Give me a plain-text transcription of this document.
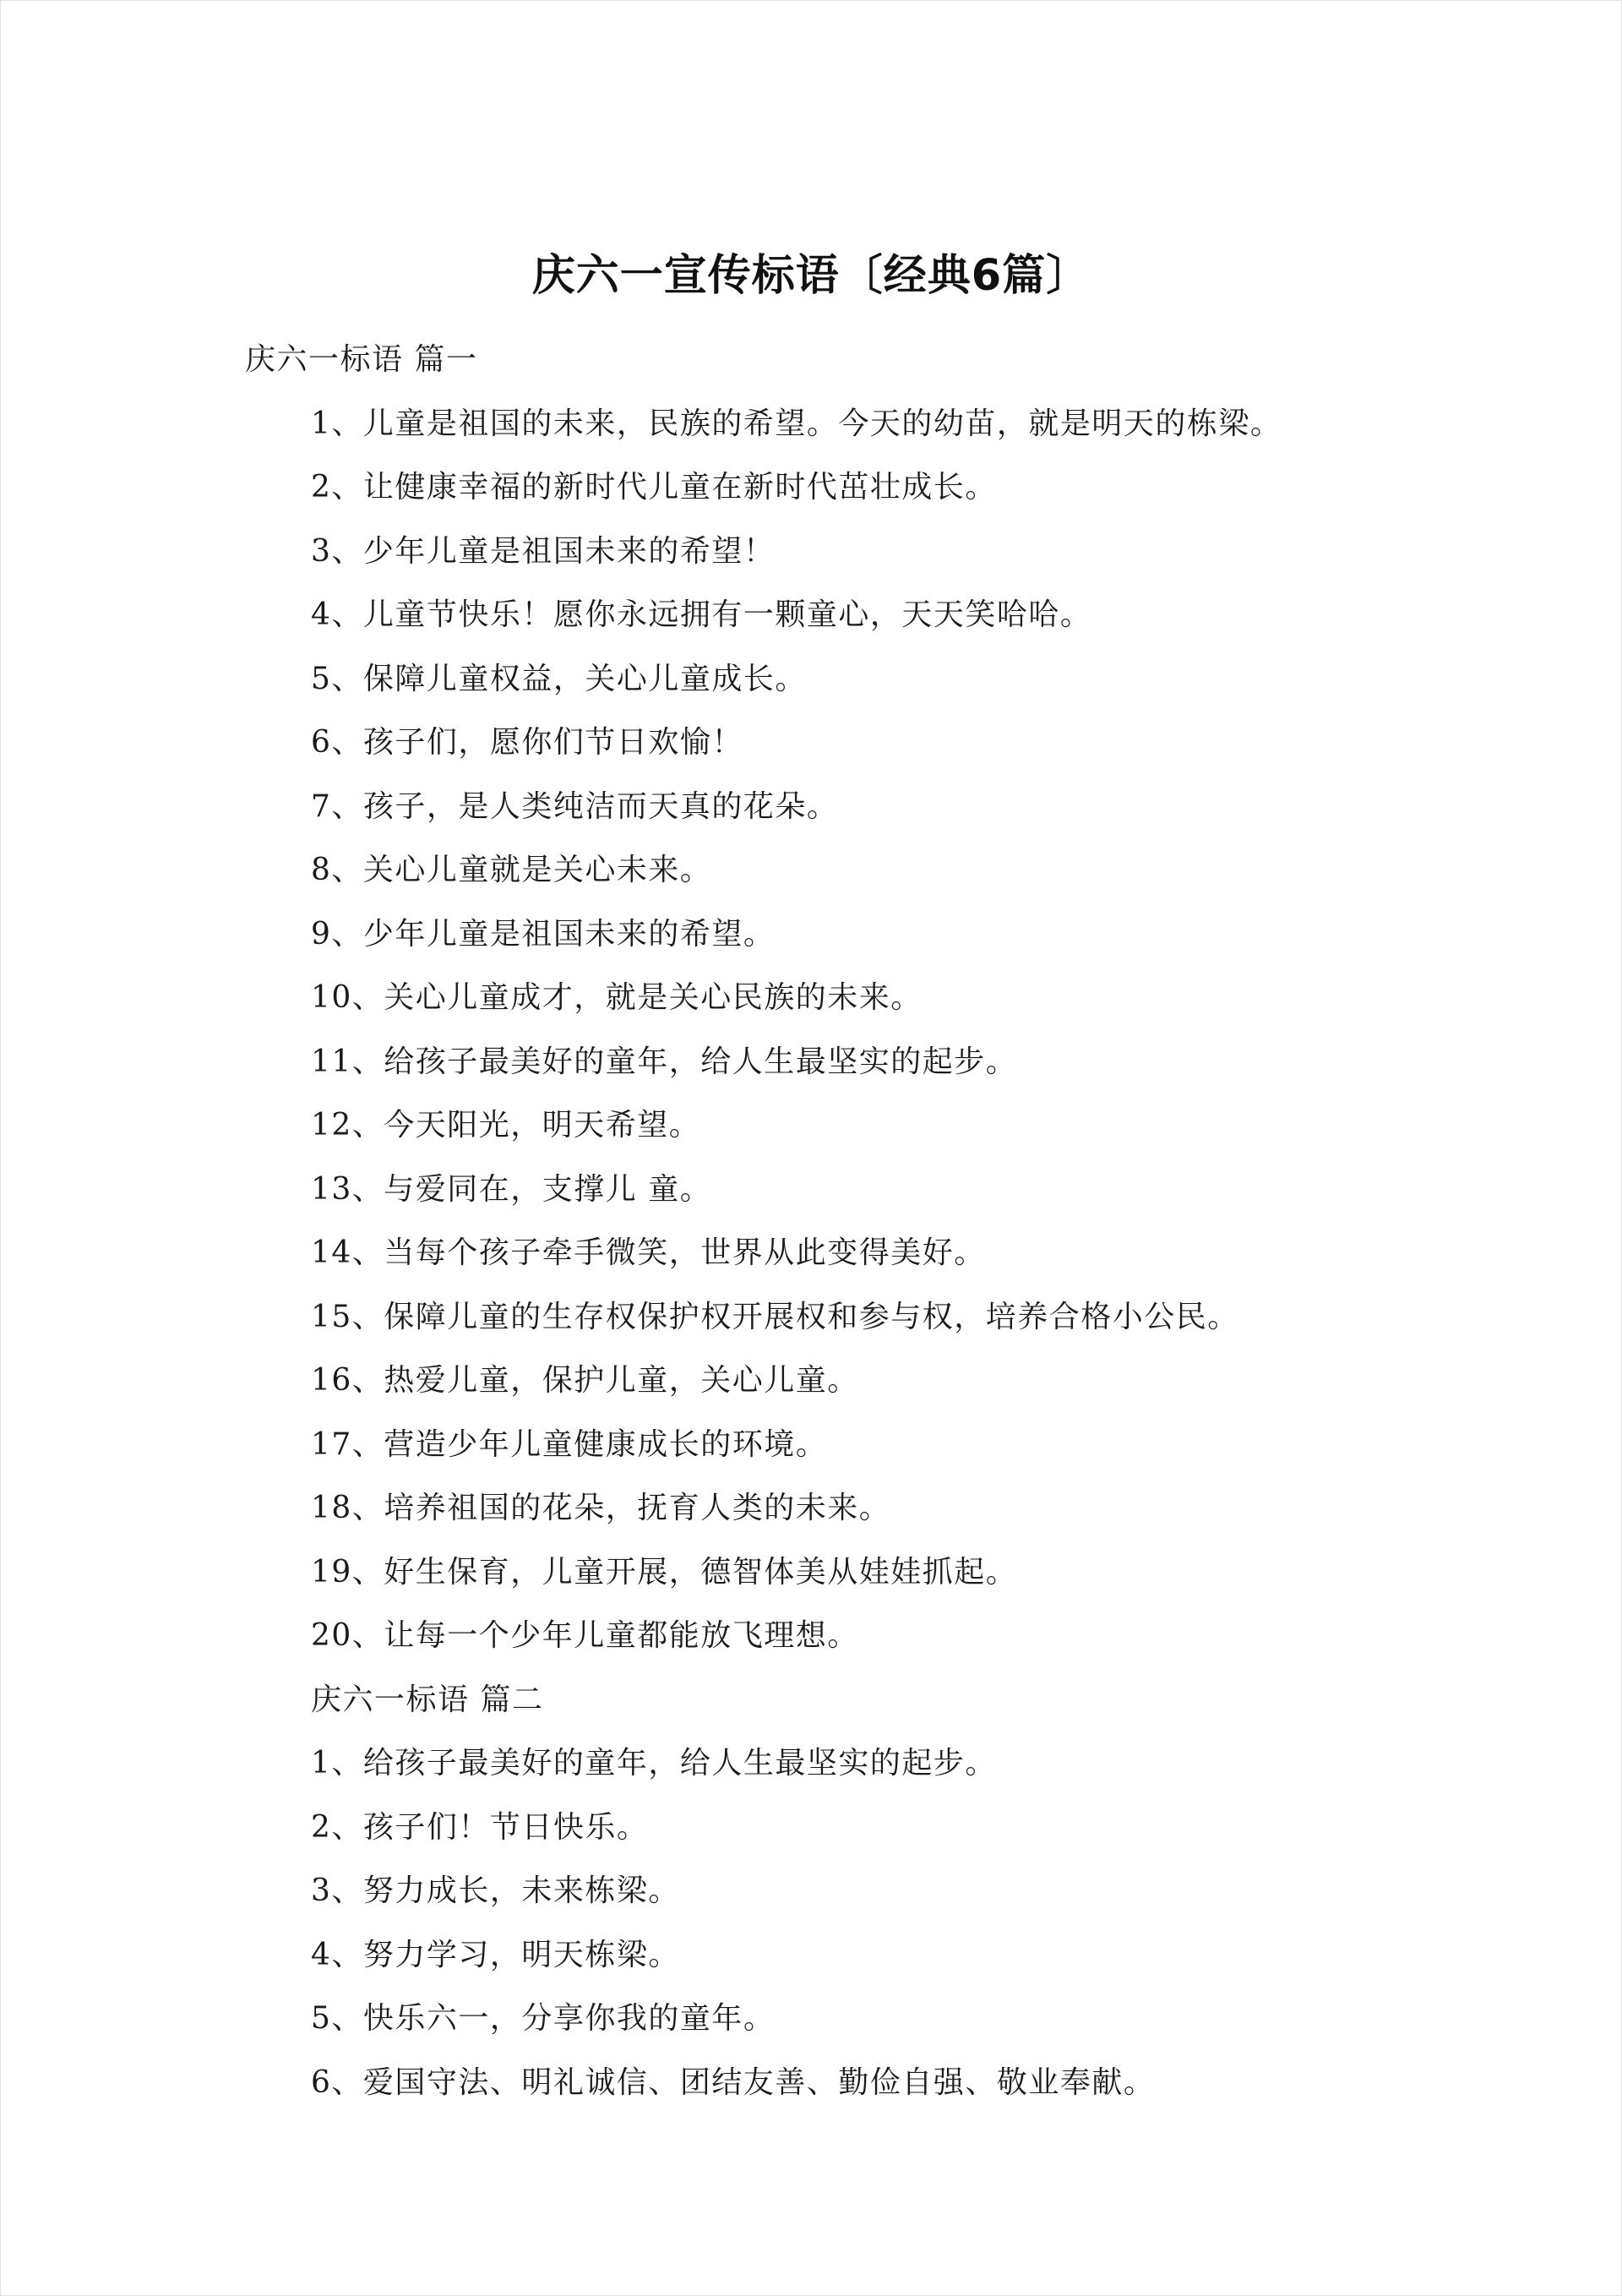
庆六一宣传标语〔经典6篇〕
庆六一标语 篇一
1、儿童是祖国的未来，民族的希望。今天的幼苗，就是明天的栋梁。
2、让健康幸福的新时代儿童在新时代茁壮成长。
3、少年儿童是祖国未来的希望！
4、儿童节快乐！愿你永远拥有一颗童心，天天笑哈哈。
5、保障儿童权益，关心儿童成长。
6、孩子们，愿你们节日欢愉！
7、孩子，是人类纯洁而天真的花朵。
8、关心儿童就是关心未来。
9、少年儿童是祖国未来的希望。
10、关心儿童成才，就是关心民族的未来。
11、给孩子最美好的童年，给人生最坚实的起步。
12、今天阳光，明天希望。
13、与爱同在，支撑儿 童。
14、当每个孩子牵手微笑，世界从此变得美好。
15、保障儿童的生存权保护权开展权和参与权，培养合格小公民。
16、热爱儿童，保护儿童，关心儿童。
17、营造少年儿童健康成长的环境。
18、培养祖国的花朵，抚育人类的未来。
19、好生保育，儿童开展，德智体美从娃娃抓起。
20、让每一个少年儿童都能放飞理想。
庆六一标语 篇二
1、给孩子最美好的童年，给人生最坚实的起步。
2、孩子们！节日快乐。
3、努力成长，未来栋梁。
4、努力学习，明天栋梁。
5、快乐六一，分享你我的童年。
6、爱国守法、明礼诚信、团结友善、勤俭自强、敬业奉献。
